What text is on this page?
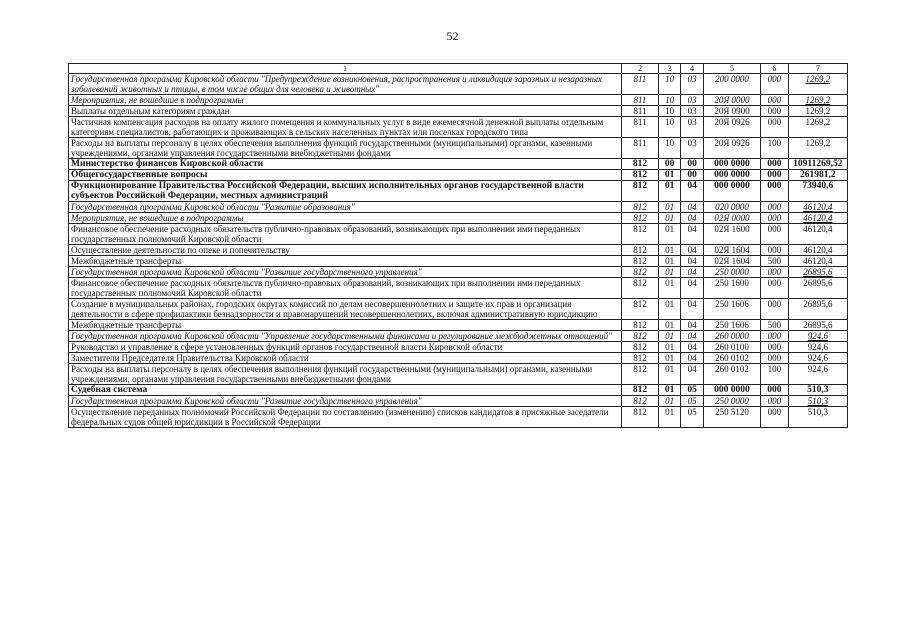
52
1	2	3	4	5	6	7
Государственная программа Кировской области "Предупреждение возникновения, распространения и ликвидация заразных и незаразных заболеваний животных и птицы, в том числе общих для человека и животных"	811	10	03	200 0000	000	1269,2
Мероприятия, не вошедшие в подпрограммы	811	10	03	20Я 0000	000	1269,2
Выплаты отдельным категориям граждан	811	10	03	20Я 0900	000	1269,2
Частичная компенсация расходов на оплату жилого помещения и коммунальных услуг в виде ежемесячной денежной выплаты отдельным категориям специалистов, работающих и проживающих в сельских населенных пунктах или поселках городского типа	811	10	03	20Я 0926	000	1269,2
Расходы на выплаты персоналу в целях обеспечения выполнения функций государственными (муниципальными) органами, казенными учреждениями, органами управления государственными внебюджетными фондами	811	10	03	20Я 0926	100	1269,2
Министерство финансов Кировской области	812	00	00	000 0000	000	10911269,52
Общегосударственные вопросы	812	01	00	000 0000	000	261981,2
Функционирование Правительства Российской Федерации, высших исполнительных органов государственной власти субъектов Российской Федерации, местных администраций	812	01	04	000 0000	000	73940,6
Государственная программа Кировской области "Развитие образования"	812	01	04	020 0000	000	46120,4
Мероприятия, не вошедшие в подпрограммы	812	01	04	02Я 0000	000	46120,4
Финансовое обеспечение расходных обязательств публично-правовых образований, возникающих при выполнении ими переданных государственных полномочий Кировской области	812	01	04	02Я 1600	000	46120,4
Осуществление деятельности по опеке и попечительству	812	01	04	02Я 1604	000	46120,4
Межбюджетные трансферты	812	01	04	02Я 1604	500	46120,4
Государственная программа Кировской области "Развитие государственного управления"	812	01	04	250 0000	000	26895,6
Финансовое обеспечение расходных обязательств публично-правовых образований, возникающих при выполнении ими переданных государственных полномочий Кировской области	812	01	04	250 1600	000	26895,6
Создание в муниципальных районах, городских округах комиссий по делам несовершеннолетних и защите их прав и организация деятельности в сфере профилактики безнадзорности и правонарушений несовершеннолетних, включая административную юрисдикцию	812	01	04	250 1606	000	26895,6
Межбюджетные трансферты	812	01	04	250 1606	500	26895,6
Государственная программа Кировской области "Управление государственными финансами и регулирование межбюджетных отношений"	812	01	04	260 0000	000	924,6
Руководство и управление в сфере установленных функций органов государственной власти Кировской области	812	01	04	260 0100	000	924,6
Заместители Председателя Правительства Кировской области	812	01	04	260 0102	000	924,6
Расходы на выплаты персоналу в целях обеспечения выполнения функций государственными (муниципальными) органами, казенными учреждениями, органами управления государственными внебюджетными фондами	812	01	04	260 0102	100	924,6
Судебная система	812	01	05	000 0000	000	510,3
Государственная программа Кировской области "Развитие государственного управления"	812	01	05	250 0000	000	510,3
Осуществление переданных полномочий Российской Федерации по составлению (изменению) списков кандидатов в присяжные заседатели федеральных судов общей юрисдикции в Российской Федерации	812	01	05	250 5120	000	510,3
